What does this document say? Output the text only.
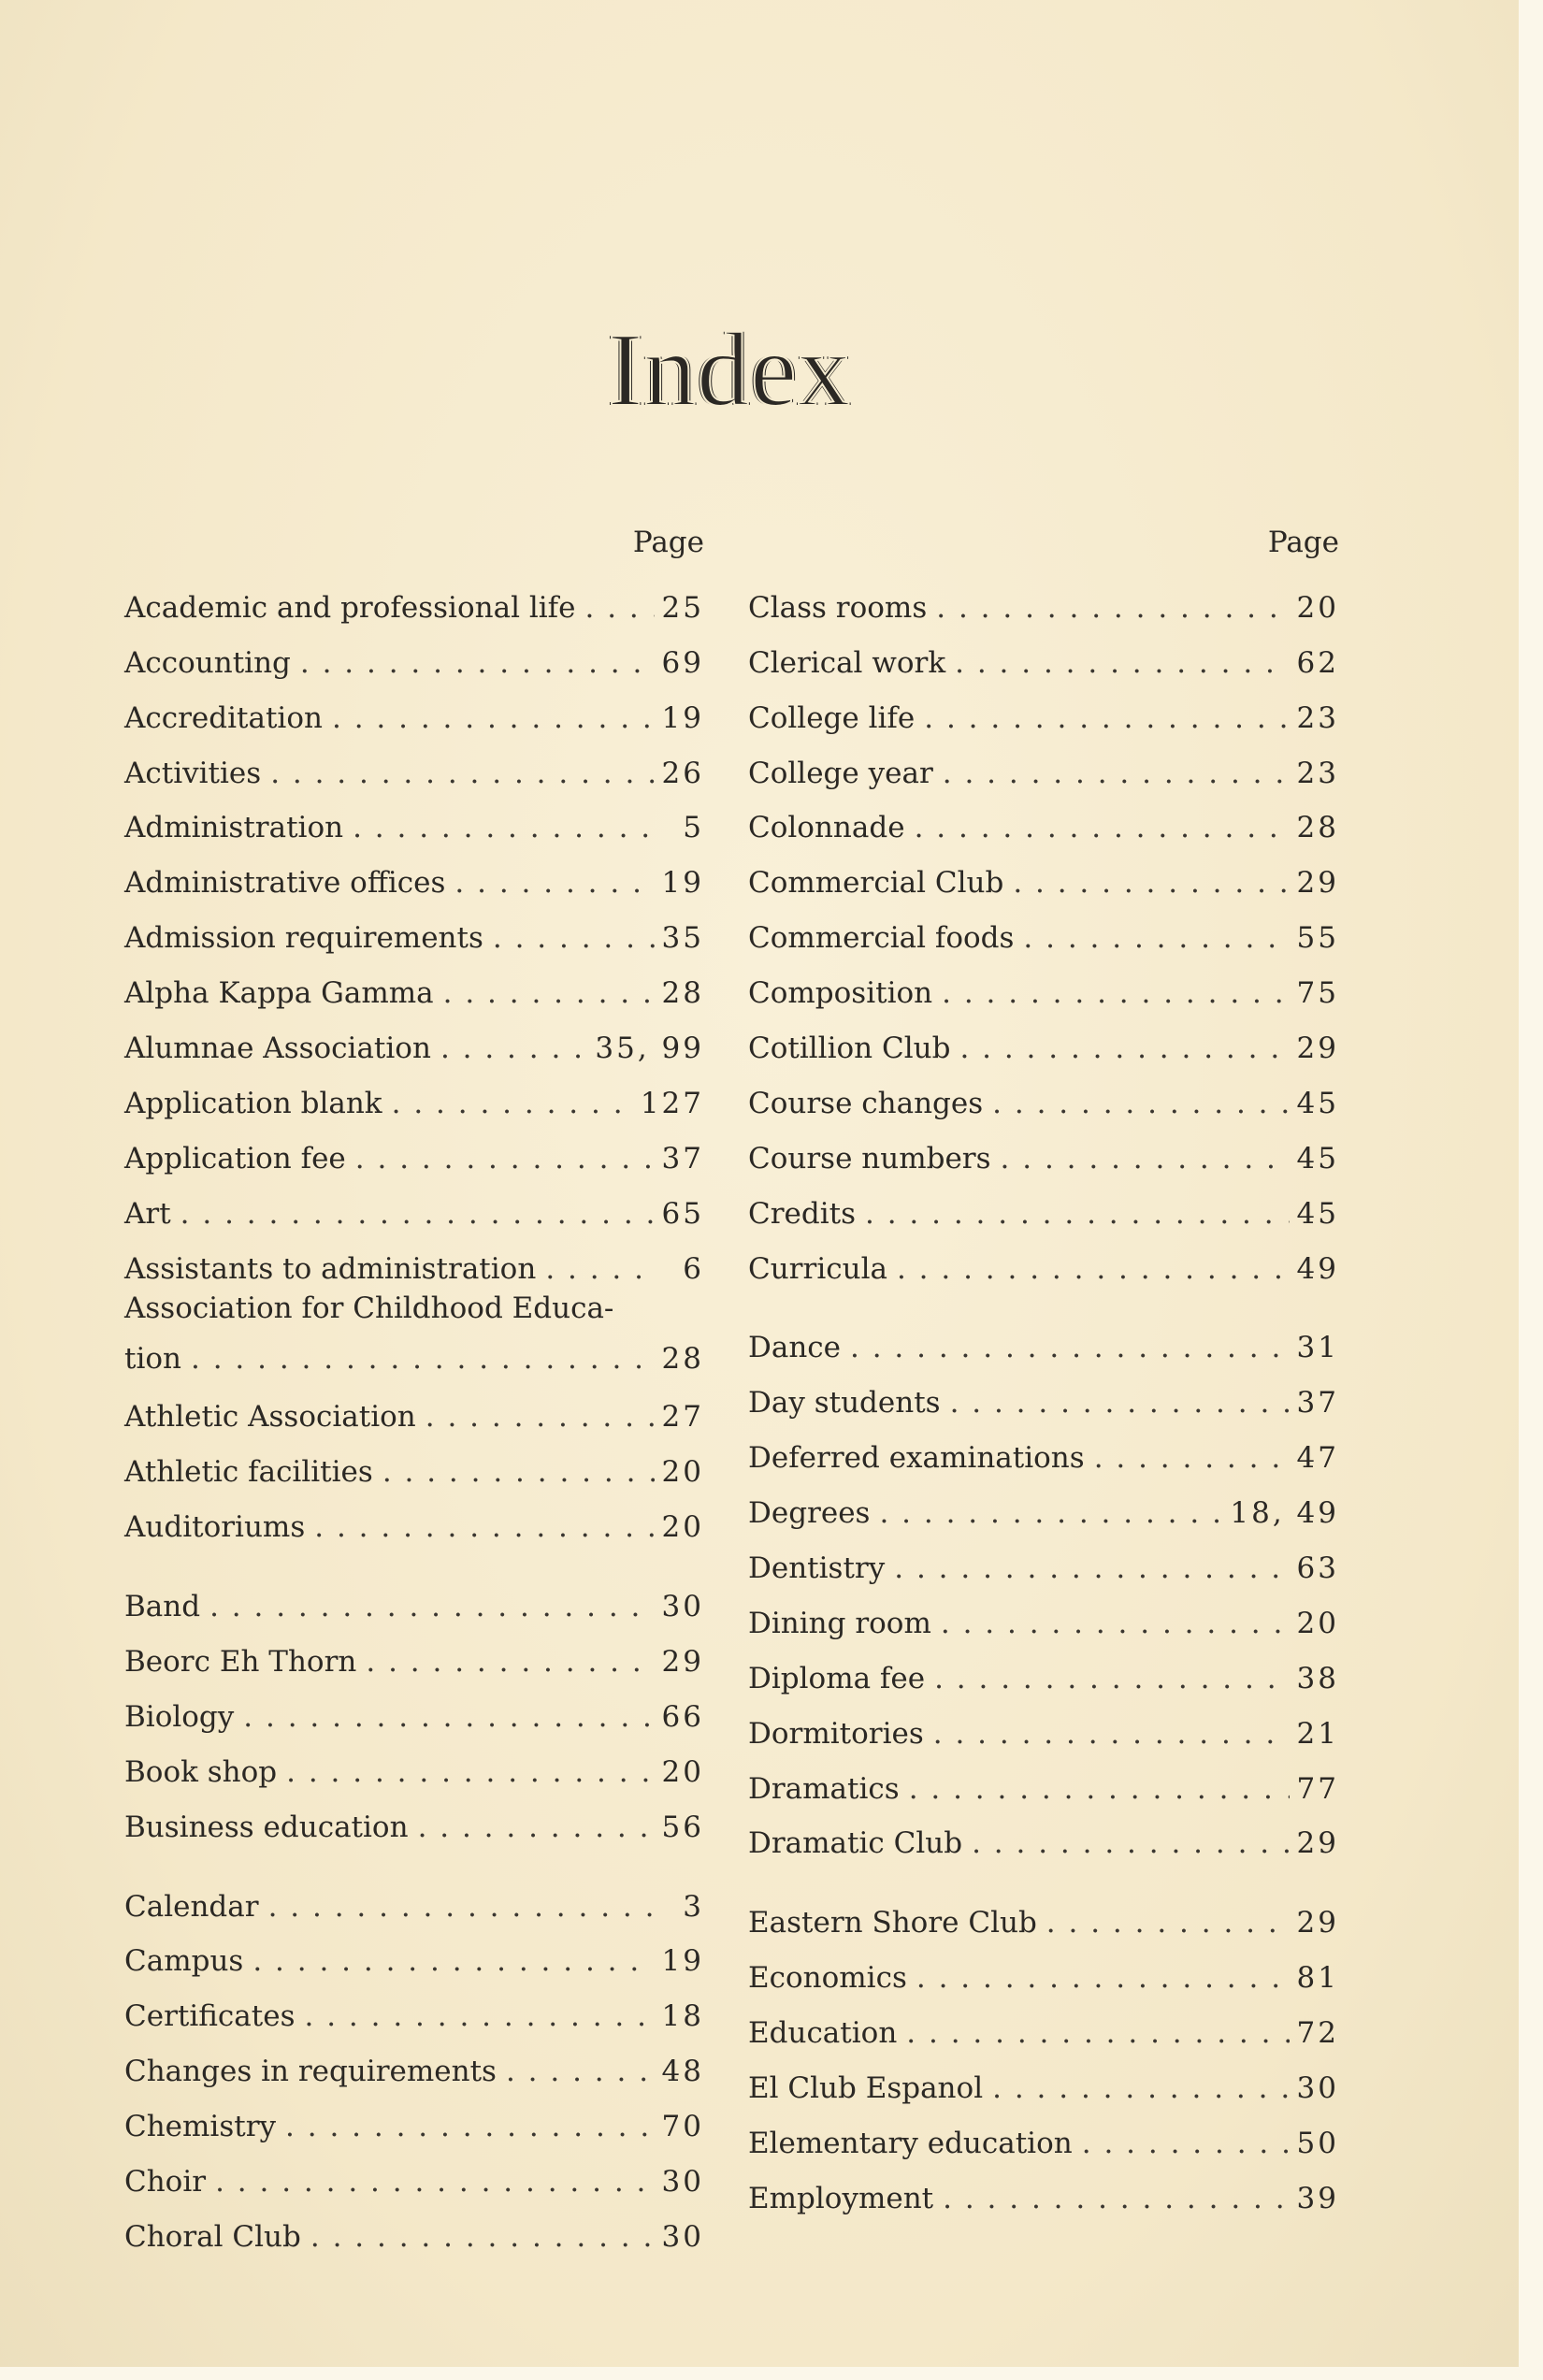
Index
Page
Academic and professional life . . .	25
Accounting . . .	69
Accreditation . . .	19
Activities . . .	26
Administration . . .	5
Administrative offices . . .	19
Admission requirements . . .	35
Alpha Kappa Gamma . . .	28
Alumnae Association . . .	35, 99
Application blank . . .	127
Application fee . . .	37
Art . . .	65
Assistants to administration . . .	6
Association for Childhood Educa-
tion . . .	28
Athletic Association . . .	27
Athletic facilities . . .	20
Auditoriums . . .	20
Band . . .	30
Beorc Eh Thorn . . .	29
Biology . . .	66
Book shop . . .	20
Business education . . .	56
Calendar . . .	3
Campus . . .	19
Certificates . . .	18
Changes in requirements . . .	48
Chemistry . . .	70
Choir . . .	30
Choral Club . . .	30
Page
Class rooms . . .	20
Clerical work . . .	62
College life . . .	23
College year . . .	23
Colonnade . . .	28
Commercial Club . . .	29
Commercial foods . . .	55
Composition . . .	75
Cotillion Club . . .	29
Course changes . . .	45
Course numbers . . .	45
Credits . . .	45
Curricula . . .	49
Dance . . .	31
Day students . . .	37
Deferred examinations . . .	47
Degrees . . .	18, 49
Dentistry . . .	63
Dining room . . .	20
Diploma fee . . .	38
Dormitories . . .	21
Dramatics . . .	77
Dramatic Club . . .	29
Eastern Shore Club . . .	29
Economics . . .	81
Education . . .	72
El Club Espanol . . .	30
Elementary education . . .	50
Employment . . .	39
